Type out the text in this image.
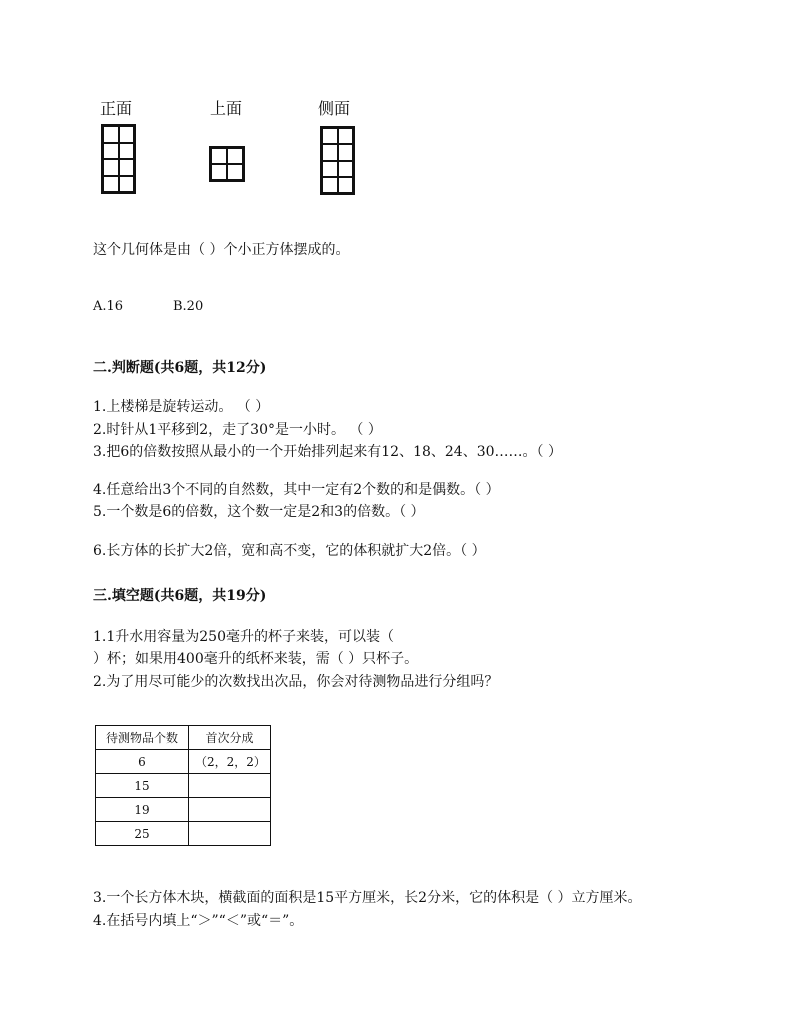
正面	上面	侧面
这个几何体是由（ ）个小正方体摆成的。
A.16	B.20
二.判断题(共6题，共12分)
1.上楼梯是旋转运动。 （ ）
2.时针从1平移到2，走了30°是一小时。 （ ）
3.把6的倍数按照从最小的一个开始排列起来有12、18、24、30……。（ ）
4.任意给出3个不同的自然数，其中一定有2个数的和是偶数。（ ）
5.一个数是6的倍数，这个数一定是2和3的倍数。（ ）
6.长方体的长扩大2倍，宽和高不变，它的体积就扩大2倍。（ ）
三.填空题(共6题，共19分)
1.1升水用容量为250毫升的杯子来装，可以装（
）杯；如果用400毫升的纸杯来装，需（ ）只杯子。
2.为了用尽可能少的次数找出次品，你会对待测物品进行分组吗？
待测物品个数	首次分成
6	（2，2，2）
15	
19	
25	
3.一个长方体木块，横截面的面积是15平方厘米，长2分米，它的体积是（ ）立方厘米。
4.在括号内填上“＞”“＜”或“＝”。
